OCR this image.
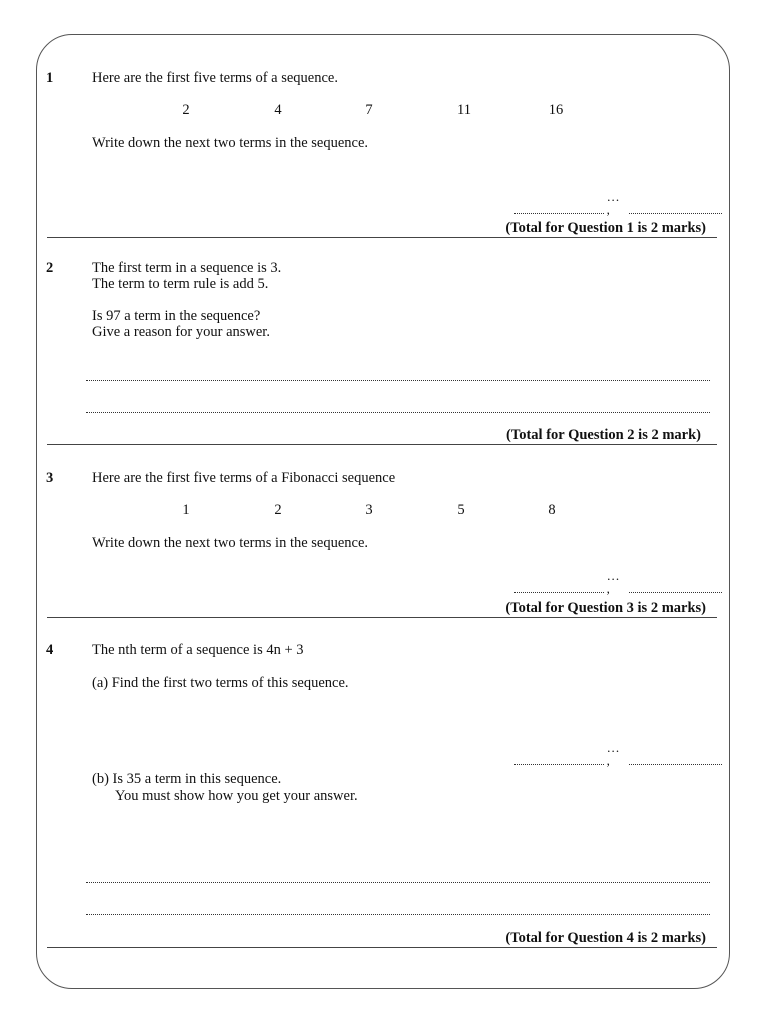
1	Here are the first five terms of a sequence.
2	4	7	11	16
Write down the next two terms in the sequence.
… ,
(Total for Question 1 is 2 marks)
2	The first term in a sequence is 3.
The term to term rule is add 5.
Is 97 a term in the sequence?
Give a reason for your answer.
(Total for Question 2 is 2 mark)
3	Here are the first five terms of a Fibonacci sequence
1	2	3	5	8
Write down the next two terms in the sequence.
… ,
(Total for Question 3 is 2 marks)
4	The nth term of a sequence is 4n + 3
(a) Find the first two terms of this sequence.
… ,
(b) Is 35 a term in this sequence.
You must show how you get your answer.
(Total for Question 4 is 2 marks)
